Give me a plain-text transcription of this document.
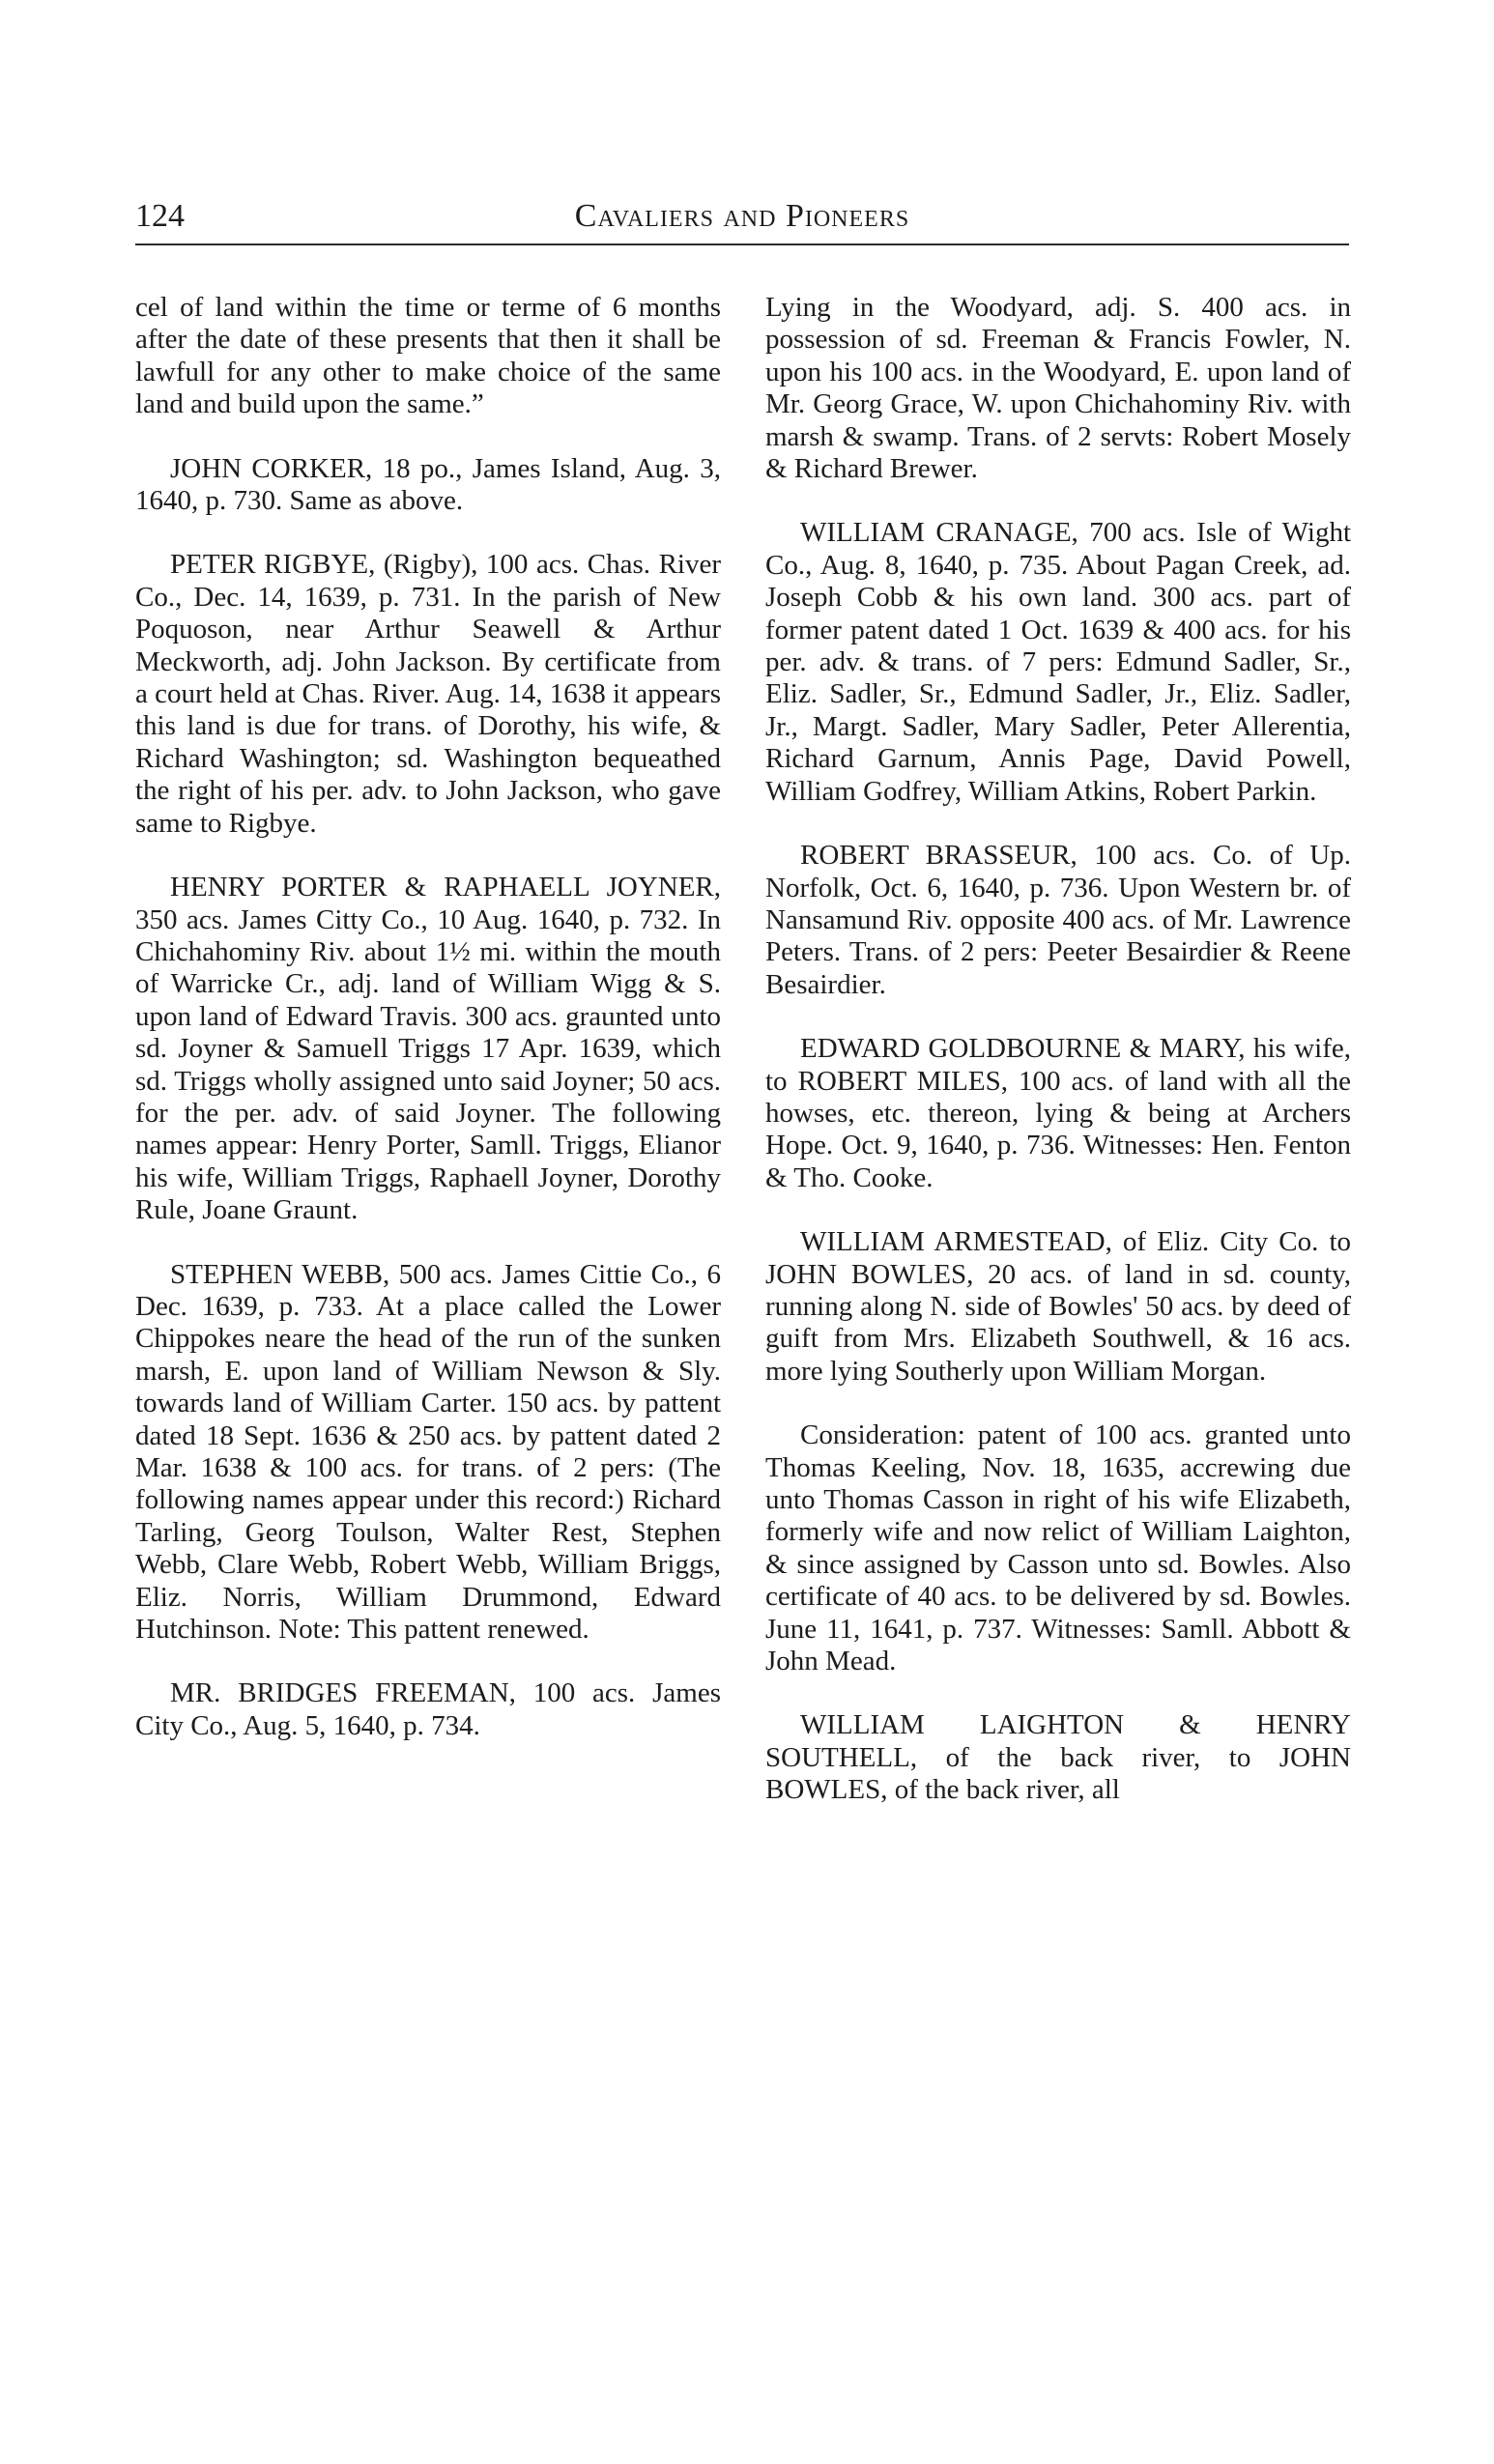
124	Cavaliers and Pioneers

cel of land within the time or terme of 6 months after the date of these presents that then it shall be lawfull for any other to make choice of the same land and build upon the same.”

JOHN CORKER, 18 po., James Island, Aug. 3, 1640, p. 730. Same as above.

PETER RIGBYE, (Rigby), 100 acs. Chas. River Co., Dec. 14, 1639, p. 731. In the parish of New Poquoson, near Arthur Seawell & Arthur Meckworth, adj. John Jackson. By certificate from a court held at Chas. River. Aug. 14, 1638 it appears this land is due for trans. of Dorothy, his wife, & Richard Washington; sd. Washington bequeathed the right of his per. adv. to John Jackson, who gave same to Rigbye.

HENRY PORTER & RAPHAELL JOYNER, 350 acs. James Citty Co., 10 Aug. 1640, p. 732. In Chichahominy Riv. about 1½ mi. within the mouth of Warricke Cr., adj. land of William Wigg & S. upon land of Edward Travis. 300 acs. graunted unto sd. Joyner & Samuell Triggs 17 Apr. 1639, which sd. Triggs wholly assigned unto said Joyner; 50 acs. for the per. adv. of said Joyner. The following names appear: Henry Porter, Samll. Triggs, Elianor his wife, William Triggs, Raphaell Joyner, Dorothy Rule, Joane Graunt.

STEPHEN WEBB, 500 acs. James Cittie Co., 6 Dec. 1639, p. 733. At a place called the Lower Chippokes neare the head of the run of the sunken marsh, E. upon land of William Newson & Sly. towards land of William Carter. 150 acs. by pattent dated 18 Sept. 1636 & 250 acs. by pattent dated 2 Mar. 1638 & 100 acs. for trans. of 2 pers: (The following names appear under this record:) Richard Tarling, Georg Toulson, Walter Rest, Stephen Webb, Clare Webb, Robert Webb, William Briggs, Eliz. Norris, William Drummond, Edward Hutchinson. Note: This pattent renewed.

MR. BRIDGES FREEMAN, 100 acs. James City Co., Aug. 5, 1640, p. 734.

Lying in the Woodyard, adj. S. 400 acs. in possession of sd. Freeman & Francis Fowler, N. upon his 100 acs. in the Woodyard, E. upon land of Mr. Georg Grace, W. upon Chichahominy Riv. with marsh & swamp. Trans. of 2 servts: Robert Mosely & Richard Brewer.

WILLIAM CRANAGE, 700 acs. Isle of Wight Co., Aug. 8, 1640, p. 735. About Pagan Creek, ad. Joseph Cobb & his own land. 300 acs. part of former patent dated 1 Oct. 1639 & 400 acs. for his per. adv. & trans. of 7 pers: Edmund Sadler, Sr., Eliz. Sadler, Sr., Edmund Sadler, Jr., Eliz. Sadler, Jr., Margt. Sadler, Mary Sadler, Peter Allerentia, Richard Garnum, Annis Page, David Powell, William Godfrey, William Atkins, Robert Parkin.

ROBERT BRASSEUR, 100 acs. Co. of Up. Norfolk, Oct. 6, 1640, p. 736. Upon Western br. of Nansamund Riv. opposite 400 acs. of Mr. Lawrence Peters. Trans. of 2 pers: Peeter Besairdier & Reene Besairdier.

EDWARD GOLDBOURNE & MARY, his wife, to ROBERT MILES, 100 acs. of land with all the howses, etc. thereon, lying & being at Archers Hope. Oct. 9, 1640, p. 736. Witnesses: Hen. Fenton & Tho. Cooke.

WILLIAM ARMESTEAD, of Eliz. City Co. to JOHN BOWLES, 20 acs. of land in sd. county, running along N. side of Bowles' 50 acs. by deed of guift from Mrs. Elizabeth Southwell, & 16 acs. more lying Southerly upon William Morgan.

Consideration: patent of 100 acs. granted unto Thomas Keeling, Nov. 18, 1635, accrewing due unto Thomas Casson in right of his wife Elizabeth, formerly wife and now relict of William Laighton, & since assigned by Casson unto sd. Bowles. Also certificate of 40 acs. to be delivered by sd. Bowles. June 11, 1641, p. 737. Witnesses: Samll. Abbott & John Mead.

WILLIAM LAIGHTON & HENRY SOUTHELL, of the back river, to JOHN BOWLES, of the back river, all
